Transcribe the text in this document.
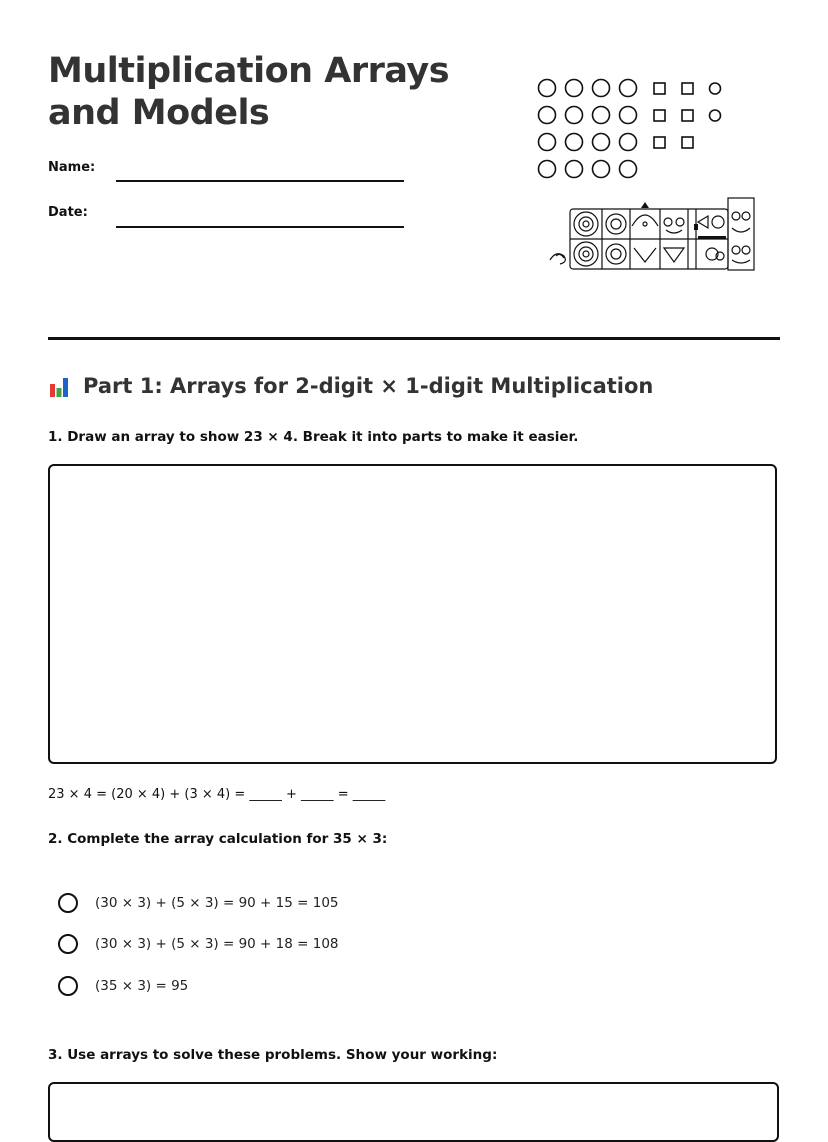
Multiplication Arrays
and Models
Name:
Date:
Part 1: Arrays for 2-digit × 1-digit Multiplication
1. Draw an array to show 23 × 4. Break it into parts to make it easier.
23 × 4 = (20 × 4) + (3 × 4) = _____ + _____ = _____
2. Complete the array calculation for 35 × 3:
(30 × 3) + (5 × 3) = 90 + 15 = 105
(30 × 3) + (5 × 3) = 90 + 18 = 108
(35 × 3) = 95
3. Use arrays to solve these problems. Show your working:
